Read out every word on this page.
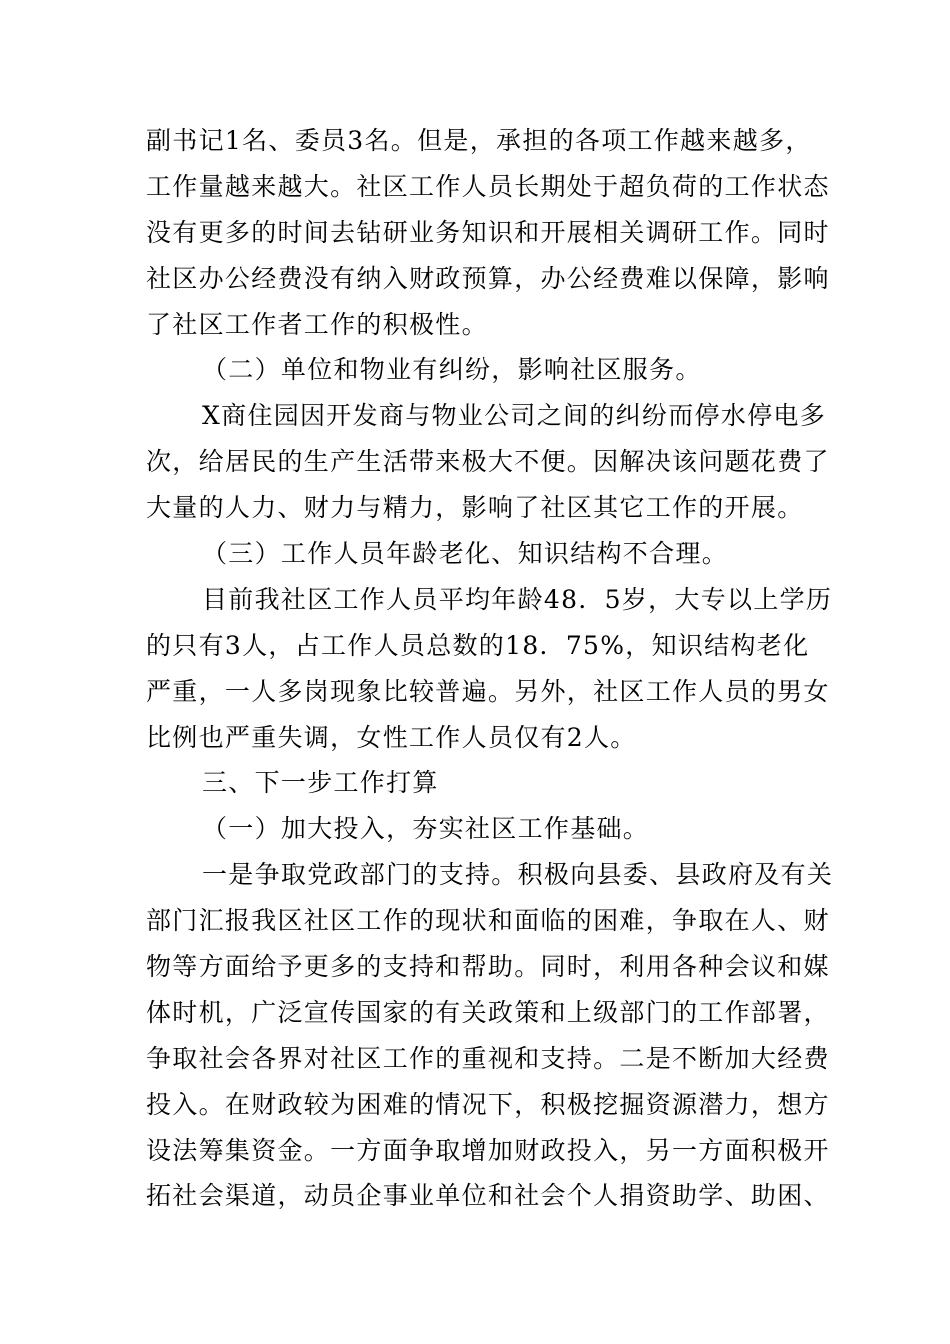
副书记1名、委员3名。但是，承担的各项工作越来越多，
工作量越来越大。社区工作人员长期处于超负荷的工作状态
没有更多的时间去钻研业务知识和开展相关调研工作。同时
社区办公经费没有纳入财政预算，办公经费难以保障，影响
了社区工作者工作的积极性。
（二）单位和物业有纠纷，影响社区服务。
X商住园因开发商与物业公司之间的纠纷而停水停电多
次，给居民的生产生活带来极大不便。因解决该问题花费了
大量的人力、财力与精力，影响了社区其它工作的开展。
（三）工作人员年龄老化、知识结构不合理。
目前我社区工作人员平均年龄48．5岁，大专以上学历
的只有3人，占工作人员总数的18．75%，知识结构老化
严重，一人多岗现象比较普遍。另外，社区工作人员的男女
比例也严重失调，女性工作人员仅有2人。
三、下一步工作打算
（一）加大投入，夯实社区工作基础。
一是争取党政部门的支持。积极向县委、县政府及有关
部门汇报我区社区工作的现状和面临的困难，争取在人、财
物等方面给予更多的支持和帮助。同时，利用各种会议和媒
体时机，广泛宣传国家的有关政策和上级部门的工作部署，
争取社会各界对社区工作的重视和支持。二是不断加大经费
投入。在财政较为困难的情况下，积极挖掘资源潜力，想方
设法筹集资金。一方面争取增加财政投入，另一方面积极开
拓社会渠道，动员企事业单位和社会个人捐资助学、助困、
